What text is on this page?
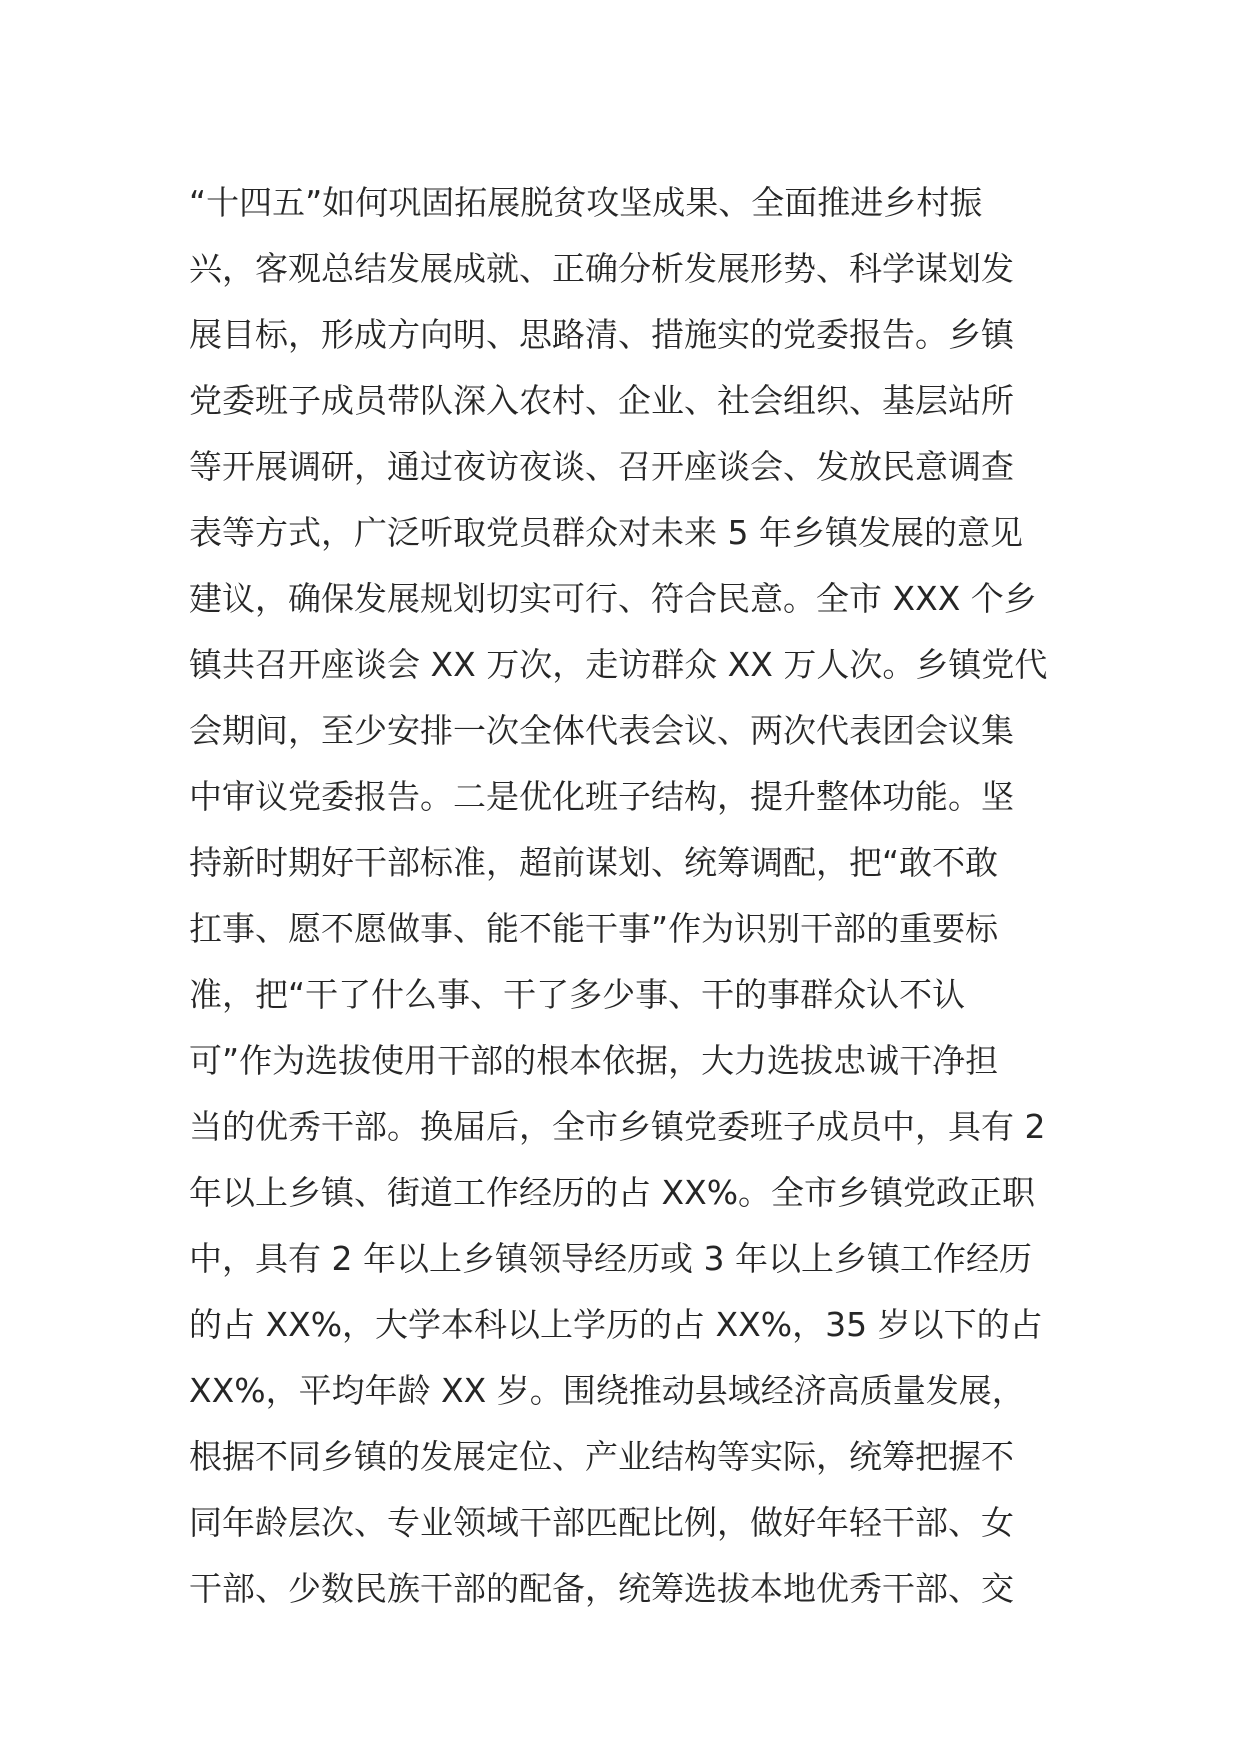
“十四五”如何巩固拓展脱贫攻坚成果、全面推进乡村振
兴，客观总结发展成就、正确分析发展形势、科学谋划发
展目标，形成方向明、思路清、措施实的党委报告。乡镇
党委班子成员带队深入农村、企业、社会组织、基层站所
等开展调研，通过夜访夜谈、召开座谈会、发放民意调查
表等方式，广泛听取党员群众对未来 5 年乡镇发展的意见
建议，确保发展规划切实可行、符合民意。全市 XXX 个乡
镇共召开座谈会 XX 万次，走访群众 XX 万人次。乡镇党代
会期间，至少安排一次全体代表会议、两次代表团会议集
中审议党委报告。二是优化班子结构，提升整体功能。坚
持新时期好干部标准，超前谋划、统筹调配，把“敢不敢
扛事、愿不愿做事、能不能干事”作为识别干部的重要标
准，把“干了什么事、干了多少事、干的事群众认不认
可”作为选拔使用干部的根本依据，大力选拔忠诚干净担
当的优秀干部。换届后，全市乡镇党委班子成员中，具有 2
年以上乡镇、街道工作经历的占 XX%。全市乡镇党政正职
中，具有 2 年以上乡镇领导经历或 3 年以上乡镇工作经历
的占 XX%，大学本科以上学历的占 XX%，35 岁以下的占
XX%，平均年龄 XX 岁。围绕推动县域经济高质量发展，
根据不同乡镇的发展定位、产业结构等实际，统筹把握不
同年龄层次、专业领域干部匹配比例，做好年轻干部、女
干部、少数民族干部的配备，统筹选拔本地优秀干部、交
